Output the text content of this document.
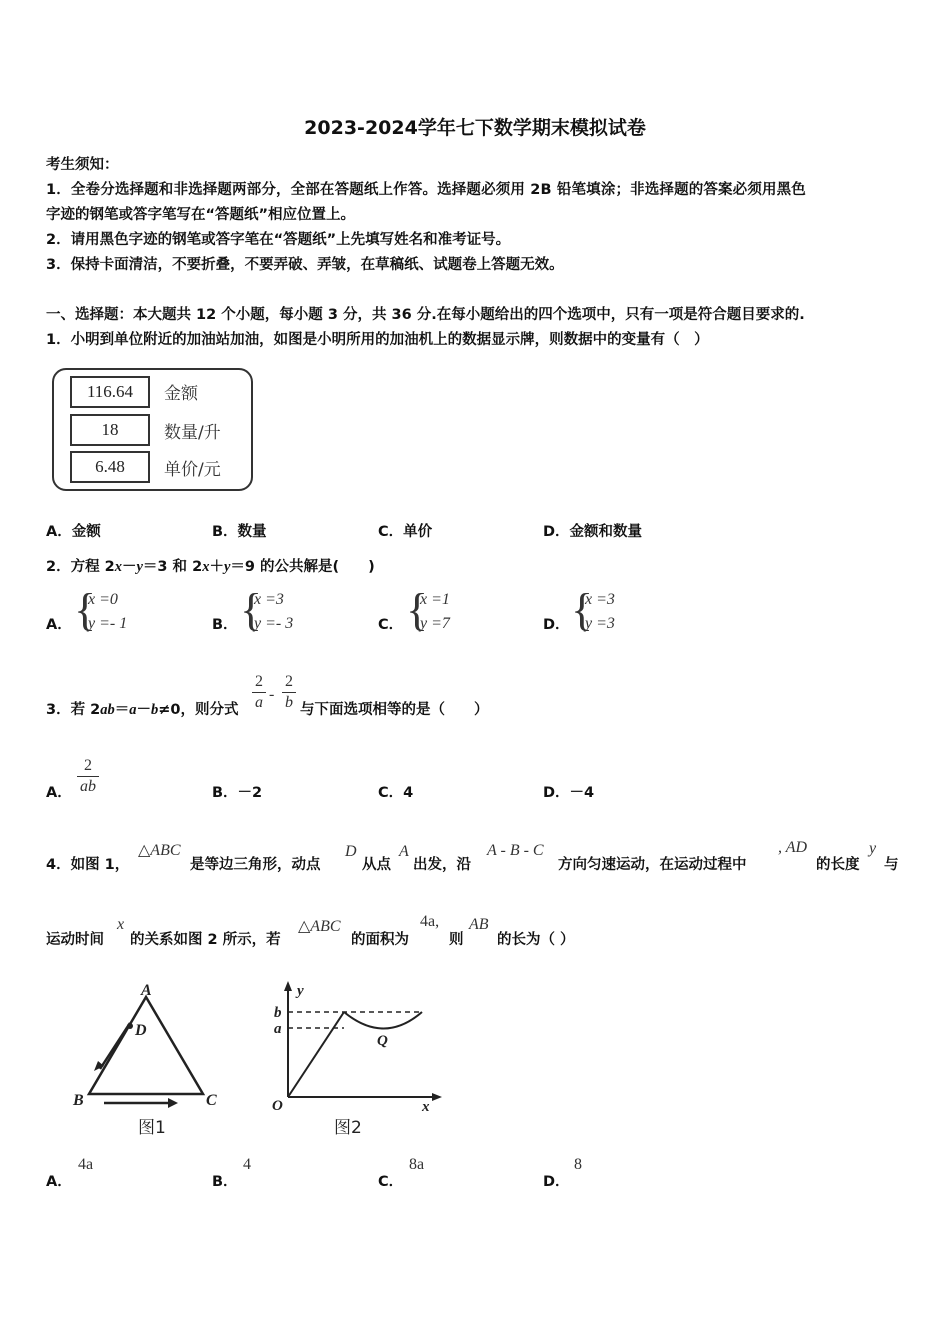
2023-2024学年七下数学期末模拟试卷
考生须知：
1．全卷分选择题和非选择题两部分，全部在答题纸上作答。选择题必须用 2B 铅笔填涂；非选择题的答案必须用黑色
字迹的钢笔或答字笔写在“答题纸”相应位置上。
2．请用黑色字迹的钢笔或答字笔在“答题纸”上先填写姓名和准考证号。
3．保持卡面清洁，不要折叠，不要弄破、弄皱，在草稿纸、试题卷上答题无效。
一、选择题：本大题共 12 个小题，每小题 3 分，共 36 分.在每小题给出的四个选项中，只有一项是符合题目要求的.
1．小明到单位附近的加油站加油，如图是小明所用的加油机上的数据显示牌，则数据中的变量有（　）
116.64	金额
18	数量/升
6.48	单价/元
A．金额	B．数量	C．单价	D．金额和数量
2．方程 2x－y＝3 和 2x＋y＝9 的公共解是(　　)
A． {
x =0
y =- 1	B． {
x =3
y =- 3	C． {
x =1
y =7	D． {
x =3
y =3
3．若 2ab＝a－b≠0，则分式
2
a -
2
b 与下面选项相等的是（　　）
A．
2
ab	B．－2	C．4	D．－4
4．如图 1，
△ABC
是等边三角形，动点
D
从点
A
出发，沿
A - B - C
方向匀速运动，在运动过程中
, AD
的长度
y
与
运动时间
x
的关系如图 2 所示，若
△ABC
的面积为
4a,
则
AB
的长为（ ）
A
D
B	C
图1
y
b
a
Q
O	x
图2
A．
4a
B．
4
C．
8a
D．
8
